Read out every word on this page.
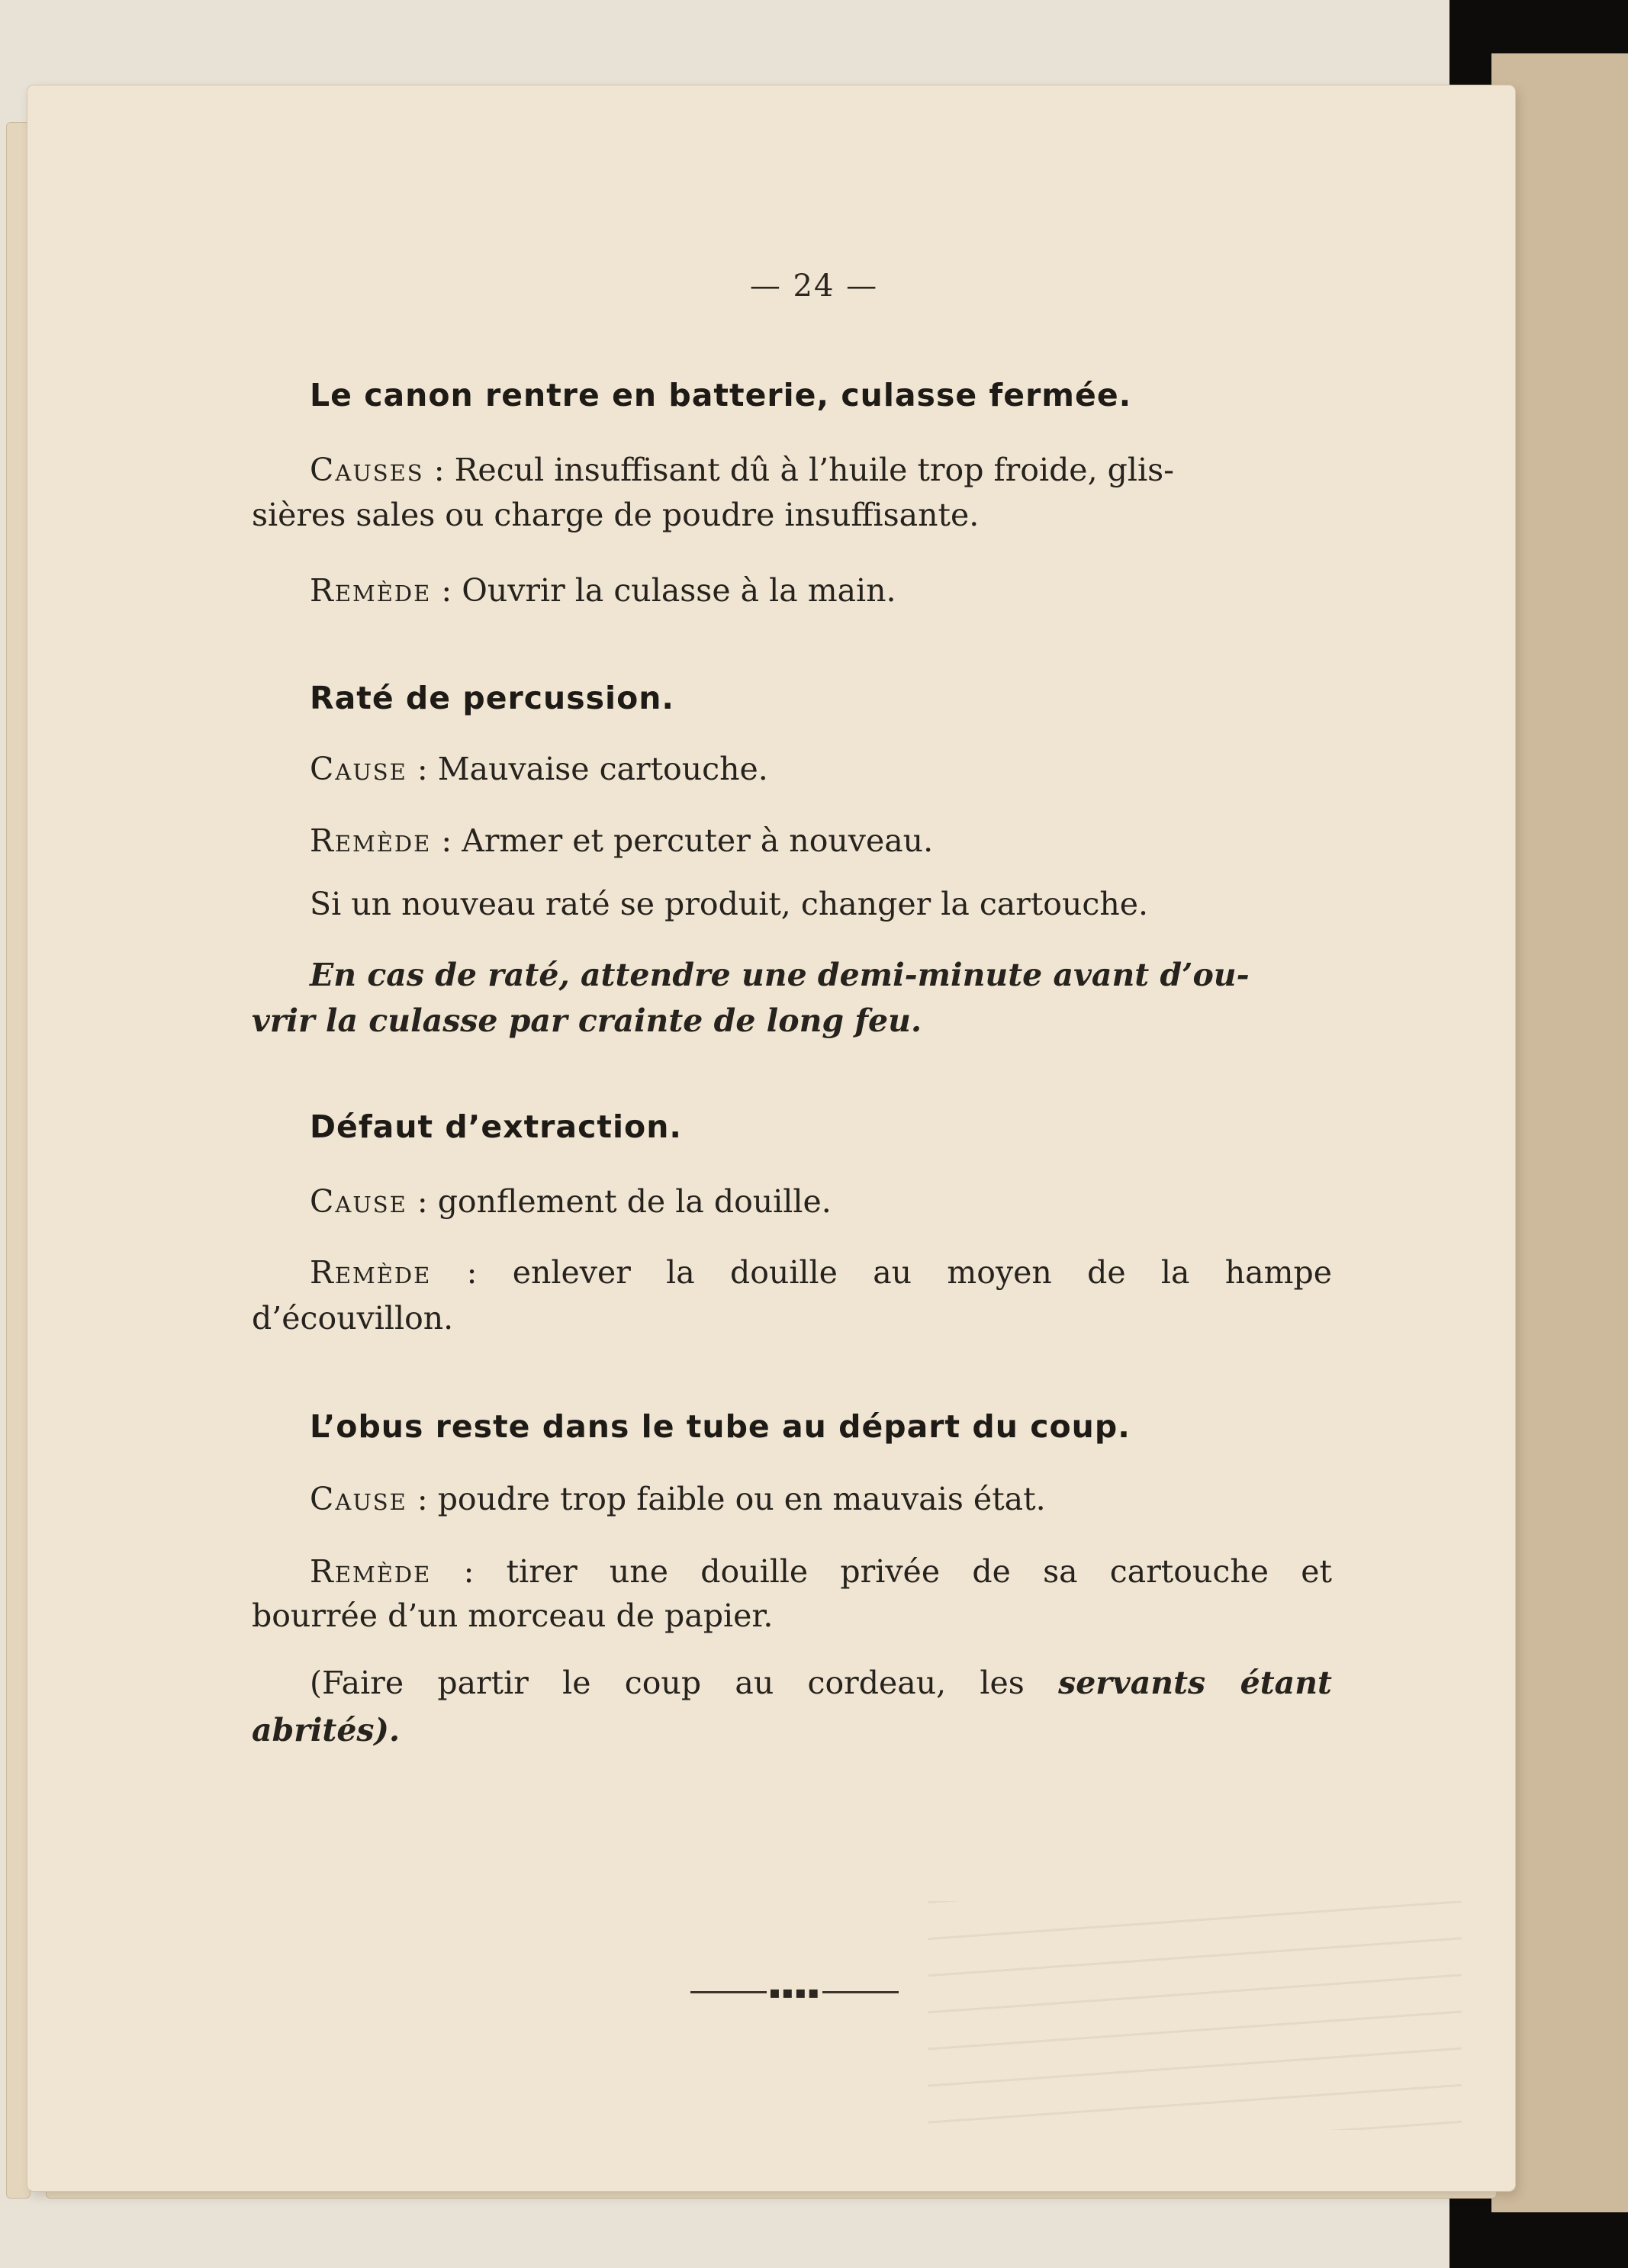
— 24 —
Le canon rentre en batterie, culasse fermée.
Causes : Recul insuffisant dû à l’huile trop froide, glis-
sières sales ou charge de poudre insuffisante.
Remède : Ouvrir la culasse à la main.
Raté de percussion.
Cause : Mauvaise cartouche.
Remède : Armer et percuter à nouveau.
Si un nouveau raté se produit, changer la cartouche.
En cas de raté, attendre une demi-minute avant d’ou-
vrir la culasse par crainte de long feu.
Défaut d’extraction.
Cause : gonflement de la douille.
Remède : enlever la douille au moyen de la hampe
d’écouvillon.
L’obus reste dans le tube au départ du coup.
Cause : poudre trop faible ou en mauvais état.
Remède : tirer une douille privée de sa cartouche et
bourrée d’un morceau de papier.
(Faire partir le coup au cordeau, les servants étant
abrités).
▪▪▪▪
